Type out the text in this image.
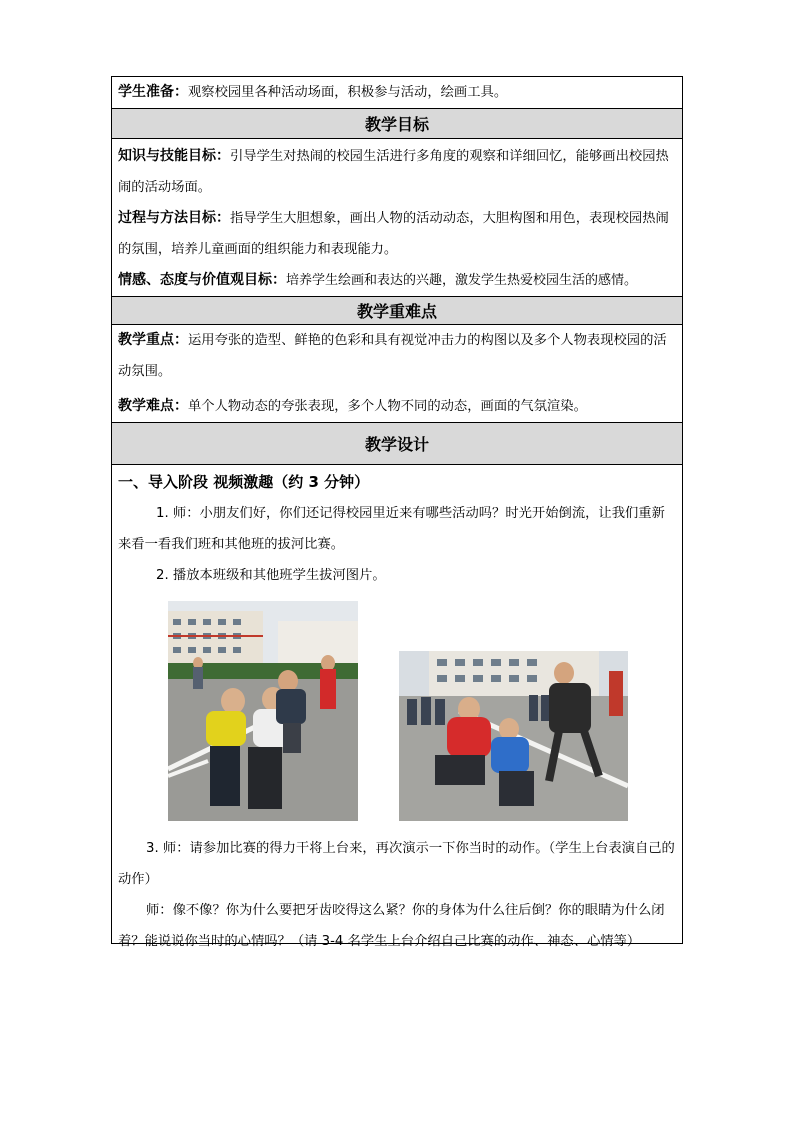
学生准备：观察校园里各种活动场面，积极参与活动，绘画工具。

教学目标

知识与技能目标：引导学生对热闹的校园生活进行多角度的观察和详细回忆，能够画出校园热闹的活动场面。

过程与方法目标：指导学生大胆想象，画出人物的活动动态，大胆构图和用色，表现校园热闹的氛围，培养儿童画面的组织能力和表现能力。

情感、态度与价值观目标：培养学生绘画和表达的兴趣，激发学生热爱校园生活的感情。

教学重难点

教学重点：运用夸张的造型、鲜艳的色彩和具有视觉冲击力的构图以及多个人物表现校园的活动氛围。

教学难点：单个人物动态的夸张表现，多个人物不同的动态，画面的气氛渲染。

教学设计

一、导入阶段 视频激趣（约 3 分钟）

1. 师：小朋友们好，你们还记得校园里近来有哪些活动吗？时光开始倒流，让我们重新来看一看我们班和其他班的拔河比赛。

2. 播放本班级和其他班学生拔河图片。

3. 师：请参加比赛的得力干将上台来，再次演示一下你当时的动作。（学生上台表演自己的动作）

师：像不像？你为什么要把牙齿咬得这么紧？你的身体为什么往后倒？你的眼睛为什么闭着？能说说你当时的心情吗？（请 3-4 名学生上台介绍自己比赛的动作、神态、心情等）
